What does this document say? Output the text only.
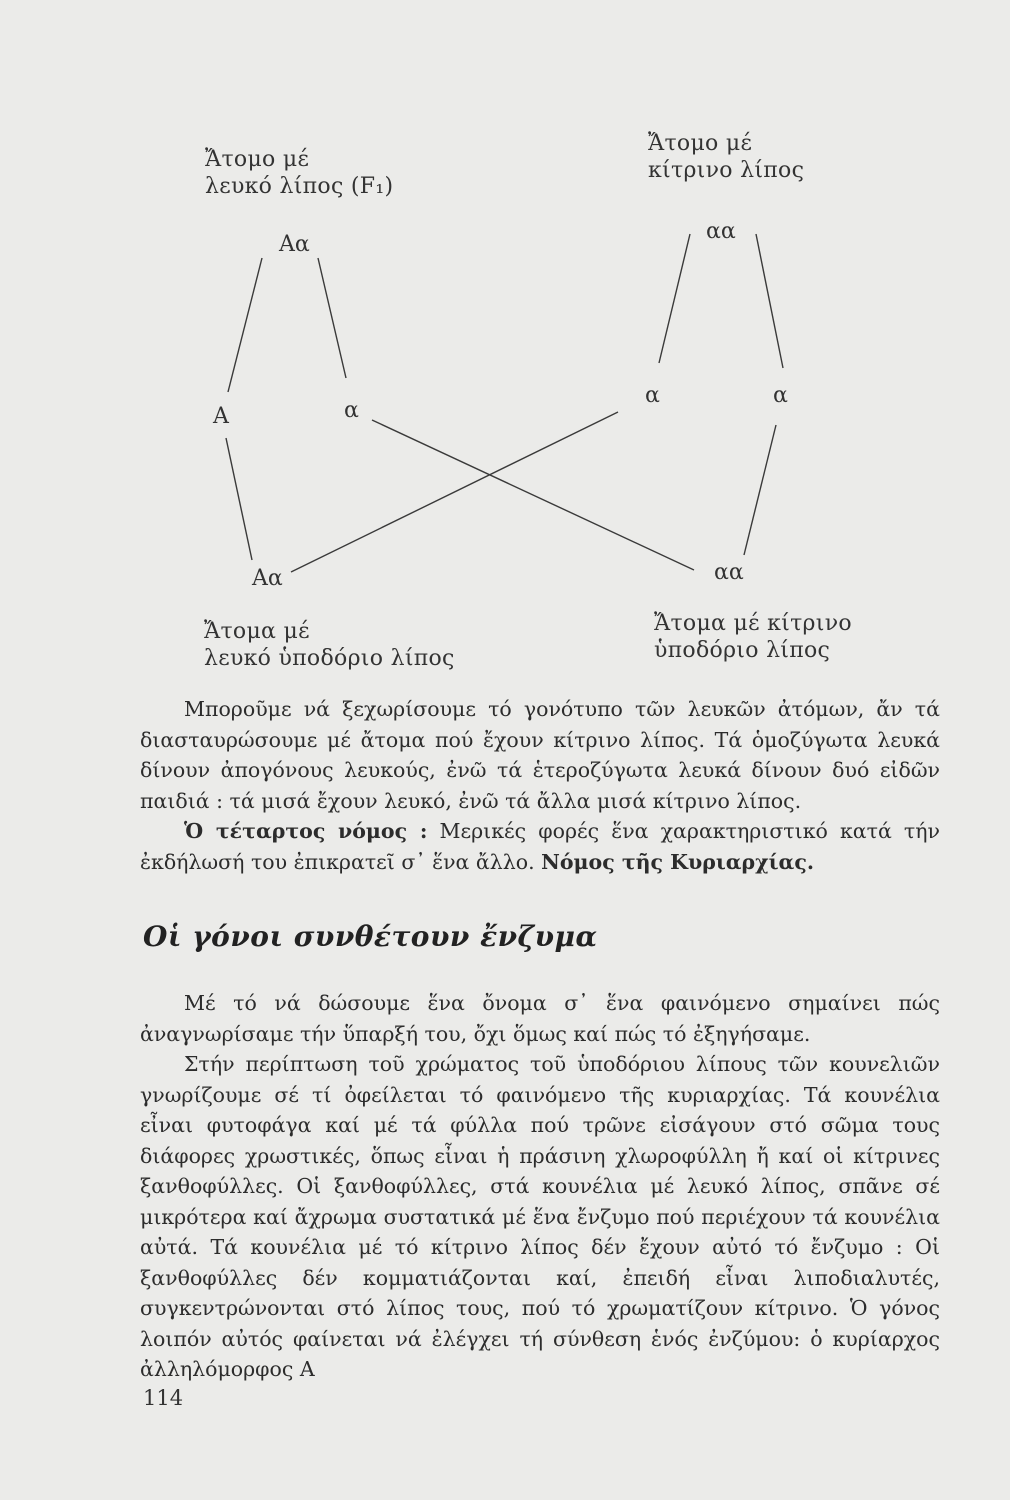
Ἄτομο μέ
λευκό λίπος (F₁)
Ἄτομο μέ
κίτρινο λίπος
Αα
αα
Α	α
α	α
Αα	αα
Ἄτομα μέ
λευκό ὑποδόριο λίπος
Ἄτομα μέ κίτρινο
ὑποδόριο λίπος

Μποροῦμε νά ξεχωρίσουμε τό γονότυπο τῶν λευκῶν ἀτόμων, ἄν τά διασταυρώσουμε μέ ἄτομα πού ἔχουν κίτρινο λίπος. Τά ὁμοζύγωτα λευκά δίνουν ἀπογόνους λευκούς, ἐνῶ τά ἑτεροζύγωτα λευκά δίνουν δυό εἰδῶν παιδιά : τά μισά ἔχουν λευκό, ἐνῶ τά ἄλλα μισά κίτρινο λίπος.

Ὁ τέταρτος νόμος : Μερικές φορές ἕνα χαρακτηριστικό κατά τήν ἐκδήλωσή του ἐπικρατεῖ σ᾽ ἕνα ἄλλο. Νόμος τῆς Κυριαρχίας.

Οἱ γόνοι συνθέτουν ἔνζυμα

Μέ τό νά δώσουμε ἕνα ὄνομα σ᾽ ἕνα φαινόμενο σημαίνει πώς ἀναγνωρίσαμε τήν ὕπαρξή του, ὄχι ὅμως καί πώς τό ἐξηγήσαμε.

Στήν περίπτωση τοῦ χρώματος τοῦ ὑποδόριου λίπους τῶν κουνελιῶν γνωρίζουμε σέ τί ὀφείλεται τό φαινόμενο τῆς κυριαρχίας. Τά κουνέλια εἶναι φυτοφάγα καί μέ τά φύλλα πού τρῶνε εἰσάγουν στό σῶμα τους διάφορες χρωστικές, ὅπως εἶναι ἡ πράσινη χλωροφύλλη ἤ καί οἱ κίτρινες ξανθοφύλλες. Οἱ ξανθοφύλλες, στά κουνέλια μέ λευκό λίπος, σπᾶνε σέ μικρότερα καί ἄχρωμα συστατικά μέ ἕνα ἔνζυμο πού περιέχουν τά κουνέλια αὐτά. Τά κουνέλια μέ τό κίτρινο λίπος δέν ἔχουν αὐτό τό ἔνζυμο : Οἱ ξανθοφύλλες δέν κομματιάζονται καί, ἐπειδή εἶναι λιποδιαλυτές, συγκεντρώνονται στό λίπος τους, πού τό χρωματίζουν κίτρινο. Ὁ γόνος λοιπόν αὐτός φαίνεται νά ἐλέγχει τή σύνθεση ἑνός ἐνζύμου: ὁ κυρίαρχος ἀλληλόμορφος Α

114
